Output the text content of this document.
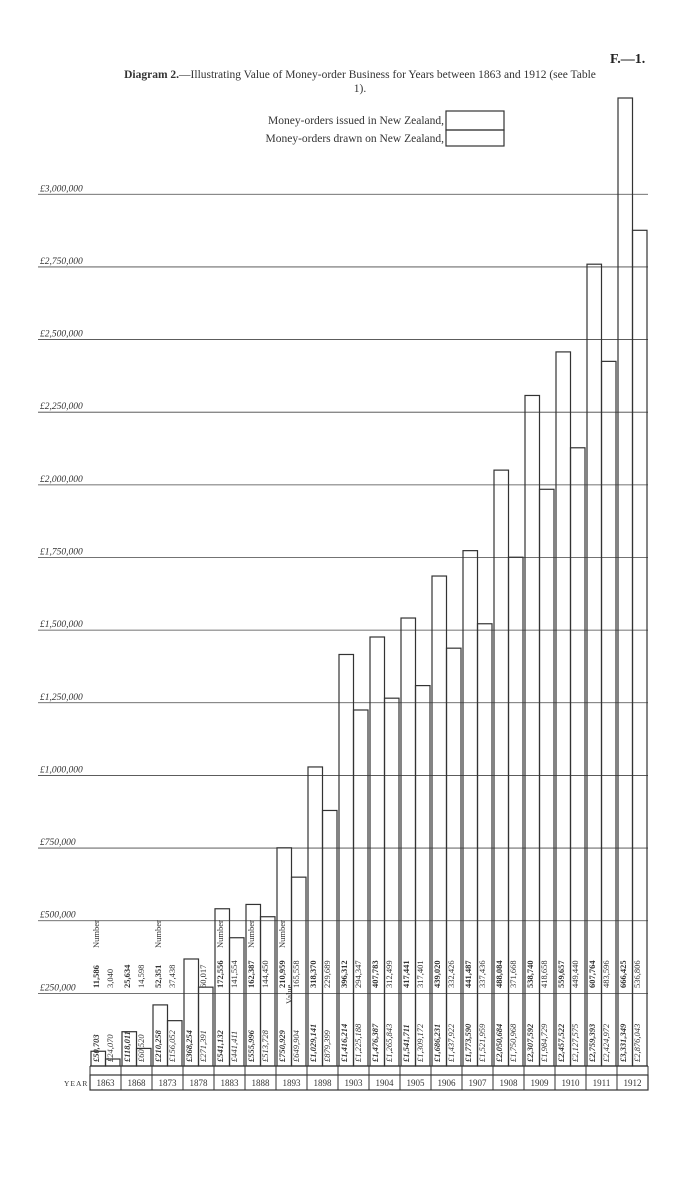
F.—1.
Diagram 2.—Illustrating Value of Money-order Business for Years between 1863 and 1912 (see Table 1).
Money-orders issued in New Zealand,
Money-orders drawn on New Zealand,
£250,000
£500,000
£750,000
£1,000,000
£1,250,000
£1,500,000
£1,750,000
£2,000,000
£2,250,000
£2,500,000
£2,750,000
£3,000,000
YEAR 1863
£50,703
11,586
£24,070
3,040
1868
£118,011
25,634
£60,520
14,598
1873
£210,258
52,351
£156,052
37,438
1878
£368,254 £271,391
60,017
1883
£541,132
172,556
£441,411
141,554
1888
£555,996
162,387
£513,728
144,450
1893
£750,929
210,959
£649,904
165,558
1898
£1,029,141
318,370
£879,399
229,689
1903
£1,416,214
396,312
£1,225,188
294,347
1904
£1,476,387
407,783
£1,265,843
312,499
1905
£1,541,711
417,441
£1,309,172
317,401
1906
£1,686,231
439,020
£1,437,922
332,426
1907
£1,773,590
441,487
£1,521,959
337,436
1908
£2,050,684
488,084
£1,750,968
371,668
1909
£2,307,592
538,740
£1,984,729
418,658
1910
£2,457,522
559,657
£2,127,575
449,440
1911
£2,759,393
607,764
£2,424,972
483,596
1912
£3,331,349
666,425
£2,876,043
536,806
Number	Number	Number Number Number
Value
